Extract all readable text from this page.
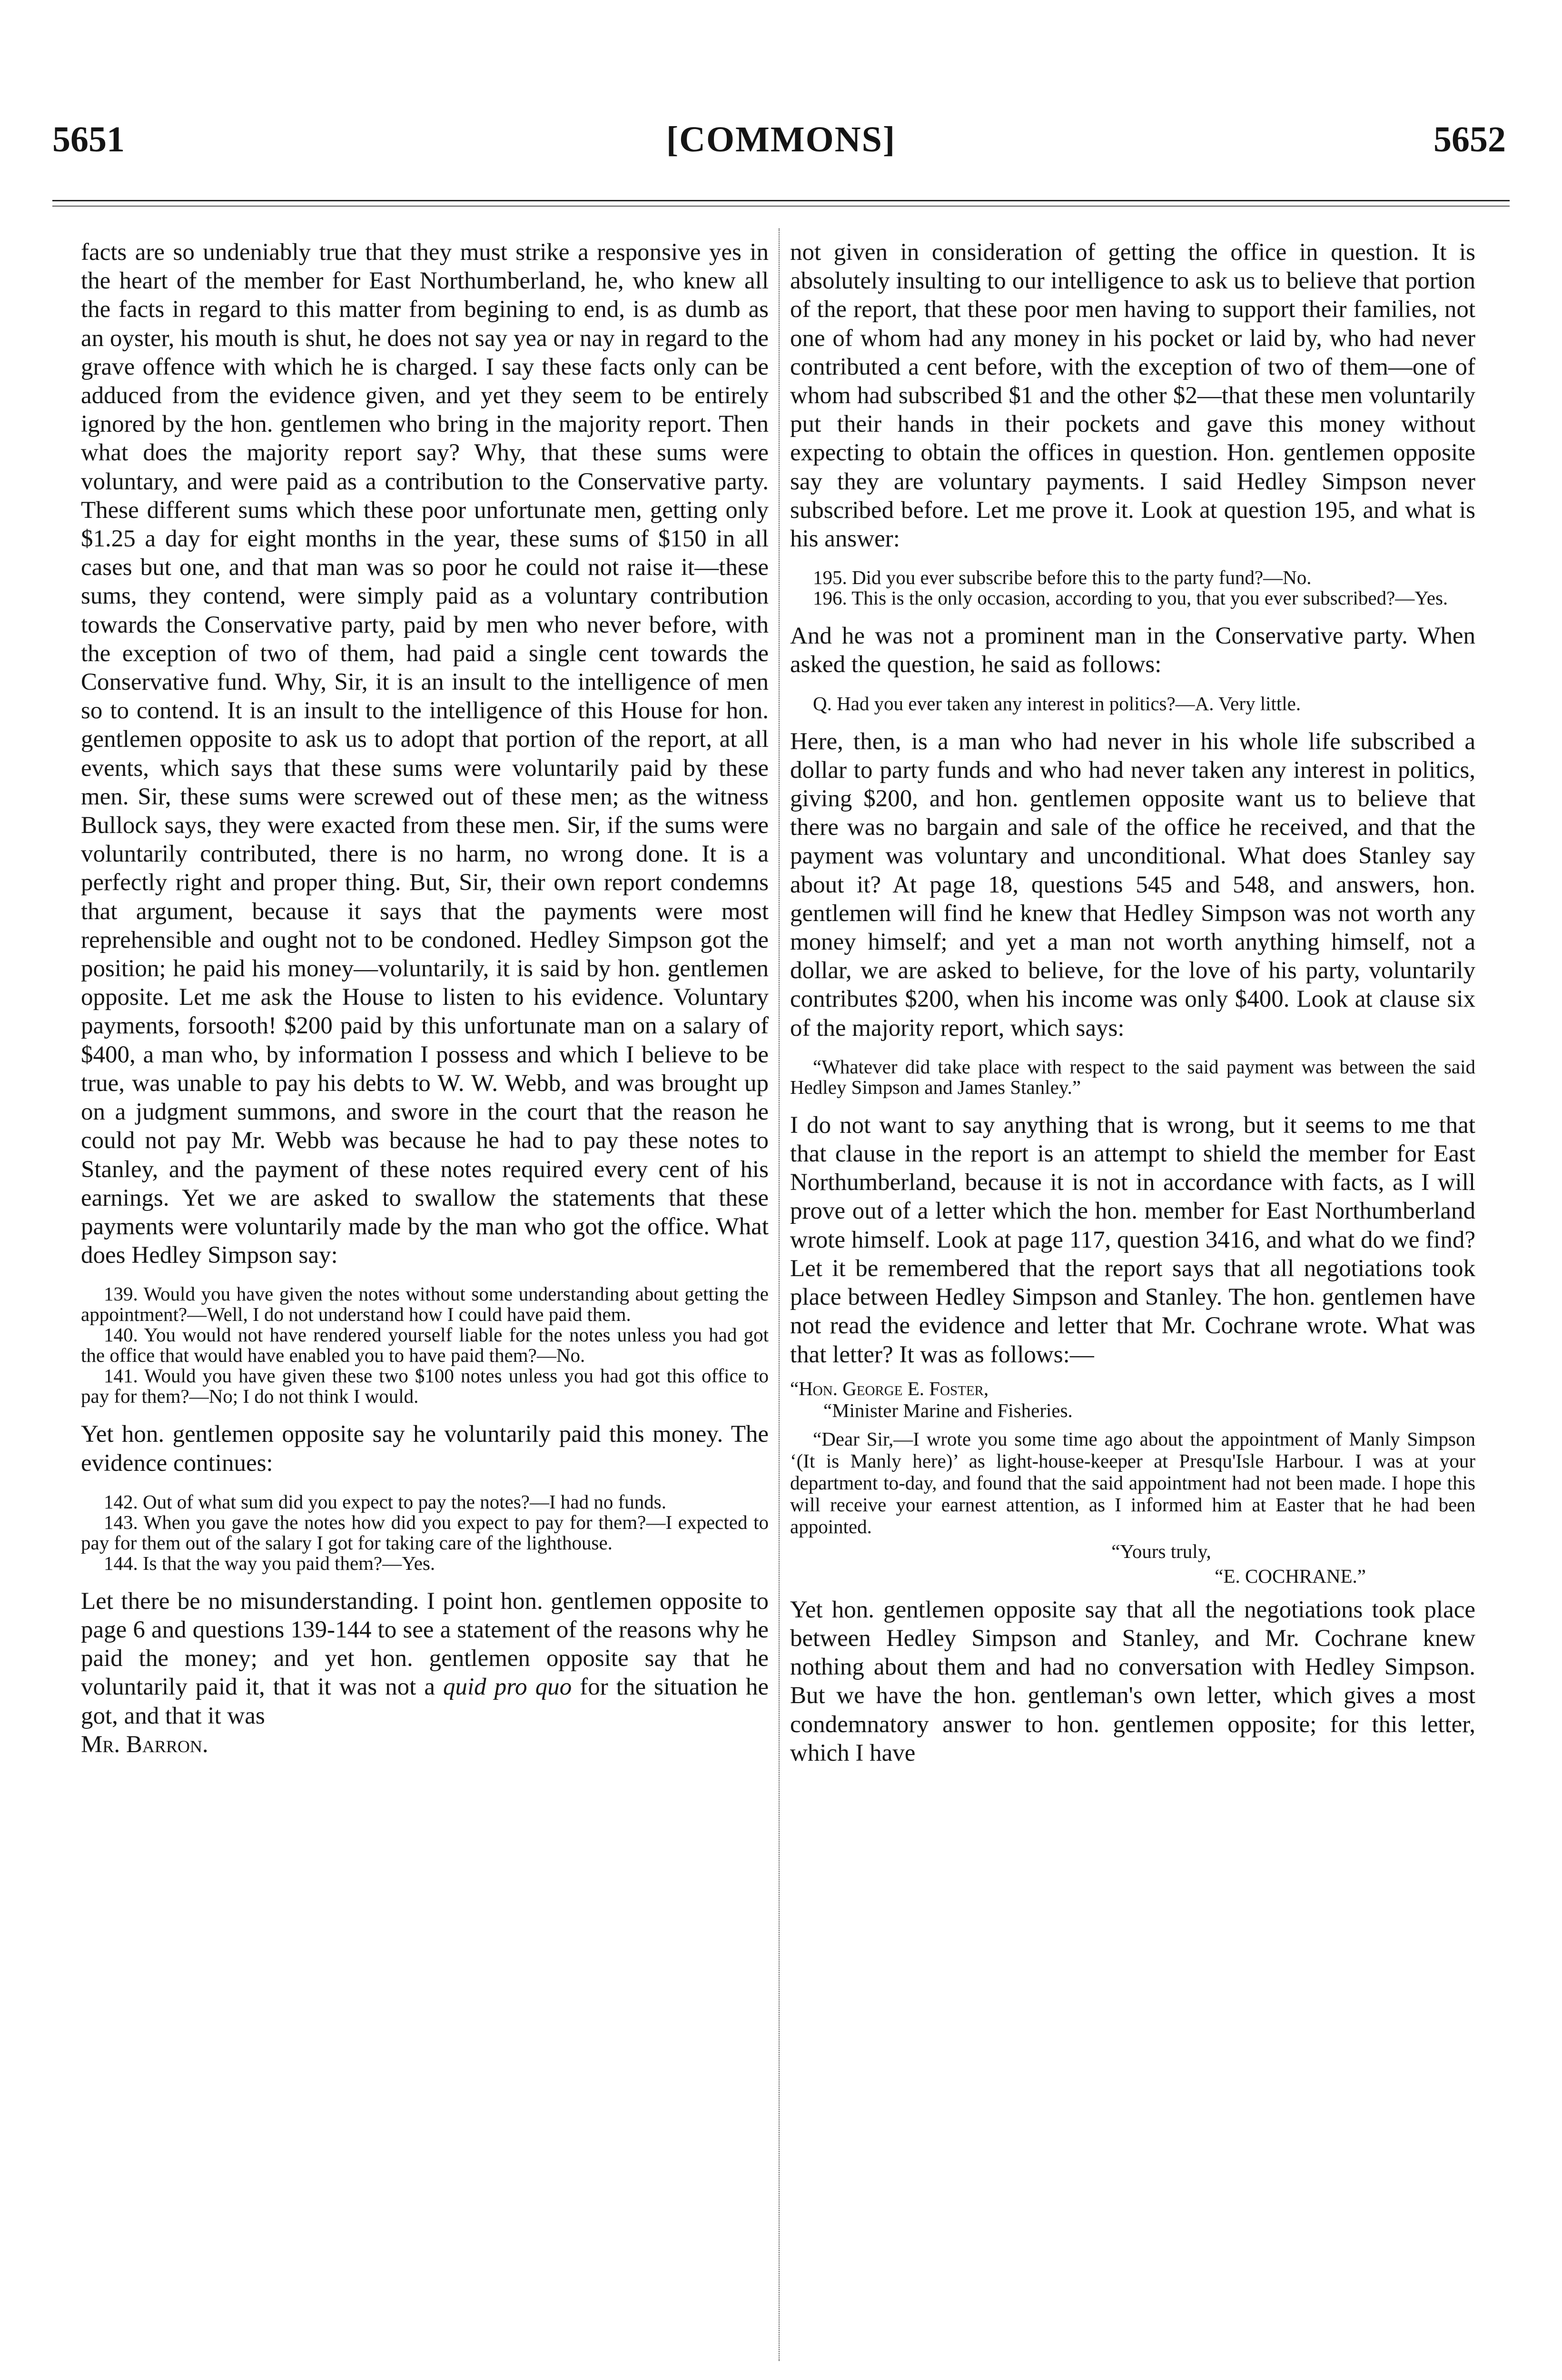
5651	[COMMONS]	5652

facts are so undeniably true that they must strike a responsive yes in the heart of the member for East Northumberland, he, who knew all the facts in regard to this matter from begining to end, is as dumb as an oyster, his mouth is shut, he does not say yea or nay in regard to the grave offence with which he is charged. I say these facts only can be adduced from the evidence given, and yet they seem to be entirely ignored by the hon. gentlemen who bring in the majority report. Then what does the majority report say? Why, that these sums were voluntary, and were paid as a contribution to the Conservative party. These different sums which these poor unfortunate men, getting only $1.25 a day for eight months in the year, these sums of $150 in all cases but one, and that man was so poor he could not raise it—these sums, they contend, were simply paid as a voluntary contribution towards the Conservative party, paid by men who never before, with the exception of two of them, had paid a single cent towards the Conservative fund. Why, Sir, it is an insult to the intelligence of men so to contend. It is an insult to the intelligence of this House for hon. gentlemen opposite to ask us to adopt that portion of the report, at all events, which says that these sums were voluntarily paid by these men. Sir, these sums were screwed out of these men; as the witness Bullock says, they were exacted from these men. Sir, if the sums were voluntarily contributed, there is no harm, no wrong done. It is a perfectly right and proper thing. But, Sir, their own report condemns that argument, because it says that the payments were most reprehensible and ought not to be condoned. Hedley Simpson got the position; he paid his money—voluntarily, it is said by hon. gentlemen opposite. Let me ask the House to listen to his evidence. Voluntary payments, forsooth! $200 paid by this unfortunate man on a salary of $400, a man who, by information I possess and which I believe to be true, was unable to pay his debts to W. W. Webb, and was brought up on a judgment summons, and swore in the court that the reason he could not pay Mr. Webb was because he had to pay these notes to Stanley, and the payment of these notes required every cent of his earnings. Yet we are asked to swallow the statements that these payments were voluntarily made by the man who got the office. What does Hedley Simpson say:

139. Would you have given the notes without some understanding about getting the appointment?—Well, I do not understand how I could have paid them.
140. You would not have rendered yourself liable for the notes unless you had got the office that would have enabled you to have paid them?—No.
141. Would you have given these two $100 notes unless you had got this office to pay for them?—No; I do not think I would.

Yet hon. gentlemen opposite say he voluntarily paid this money. The evidence continues:

142. Out of what sum did you expect to pay the notes?—I had no funds.
143. When you gave the notes how did you expect to pay for them?—I expected to pay for them out of the salary I got for taking care of the lighthouse.
144. Is that the way you paid them?—Yes.

Let there be no misunderstanding. I point hon. gentlemen opposite to page 6 and questions 139-144 to see a statement of the reasons why he paid the money; and yet hon. gentlemen opposite say that he voluntarily paid it, that it was not a quid pro quo for the situation he got, and that it was
Mr. Barron.

not given in consideration of getting the office in question. It is absolutely insulting to our intelligence to ask us to believe that portion of the report, that these poor men having to support their families, not one of whom had any money in his pocket or laid by, who had never contributed a cent before, with the exception of two of them—one of whom had subscribed $1 and the other $2—that these men voluntarily put their hands in their pockets and gave this money without expecting to obtain the offices in question. Hon. gentlemen opposite say they are voluntary payments. I said Hedley Simpson never subscribed before. Let me prove it. Look at question 195, and what is his answer:

195. Did you ever subscribe before this to the party fund?—No.
196. This is the only occasion, according to you, that you ever subscribed?—Yes.

And he was not a prominent man in the Conservative party. When asked the question, he said as follows:

Q. Had you ever taken any interest in politics?—A. Very little.

Here, then, is a man who had never in his whole life subscribed a dollar to party funds and who had never taken any interest in politics, giving $200, and hon. gentlemen opposite want us to believe that there was no bargain and sale of the office he received, and that the payment was voluntary and unconditional. What does Stanley say about it? At page 18, questions 545 and 548, and answers, hon. gentlemen will find he knew that Hedley Simpson was not worth any money himself; and yet a man not worth anything himself, not a dollar, we are asked to believe, for the love of his party, voluntarily contributes $200, when his income was only $400. Look at clause six of the majority report, which says:

“Whatever did take place with respect to the said payment was between the said Hedley Simpson and James Stanley.”

I do not want to say anything that is wrong, but it seems to me that that clause in the report is an attempt to shield the member for East Northumberland, because it is not in accordance with facts, as I will prove out of a letter which the hon. member for East Northumberland wrote himself. Look at page 117, question 3416, and what do we find? Let it be remembered that the report says that all negotiations took place between Hedley Simpson and Stanley. The hon. gentlemen have not read the evidence and letter that Mr. Cochrane wrote. What was that letter? It was as follows:—

“Hon. George E. Foster,
“Minister Marine and Fisheries.
“Dear Sir,—I wrote you some time ago about the appointment of Manly Simpson ‘(It is Manly here)’ as light-house-keeper at Presqu'Isle Harbour. I was at your department to-day, and found that the said appointment had not been made. I hope this will receive your earnest attention, as I informed him at Easter that he had been appointed.
“Yours truly,
“E. COCHRANE.”

Yet hon. gentlemen opposite say that all the negotiations took place between Hedley Simpson and Stanley, and Mr. Cochrane knew nothing about them and had no conversation with Hedley Simpson. But we have the hon. gentleman's own letter, which gives a most condemnatory answer to hon. gentlemen opposite; for this letter, which I have
